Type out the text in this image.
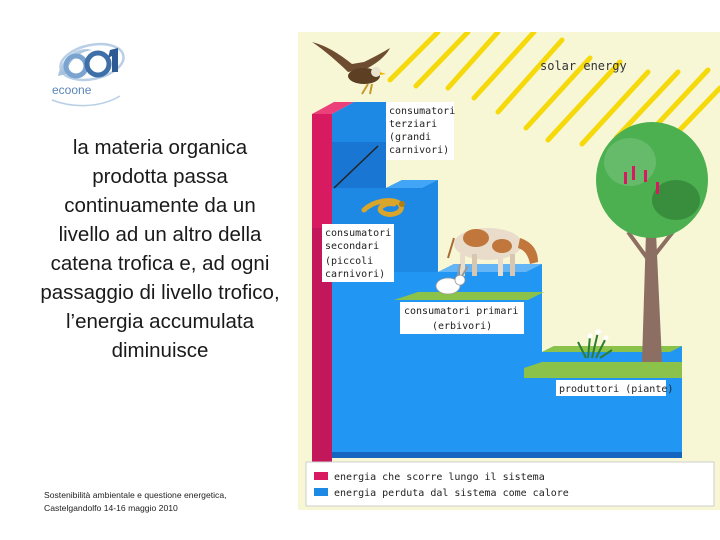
ecoone
la materia organica prodotta passa continuamente da un livello ad un altro della catena trofica e, ad ogni passaggio di livello trofico, l’energia accumulata diminuisce
Sostenibilità ambientale e questione energetica,
Castelgandolfo 14-16 maggio 2010
solar energy
consumatori
terziari
(grandi
carnivori)
consumatori
secondari
(piccoli
carnivori)
consumatori primari
(erbivori)
produttori (piante)
energia che scorre lungo il sistema
energia perduta dal sistema come calore
